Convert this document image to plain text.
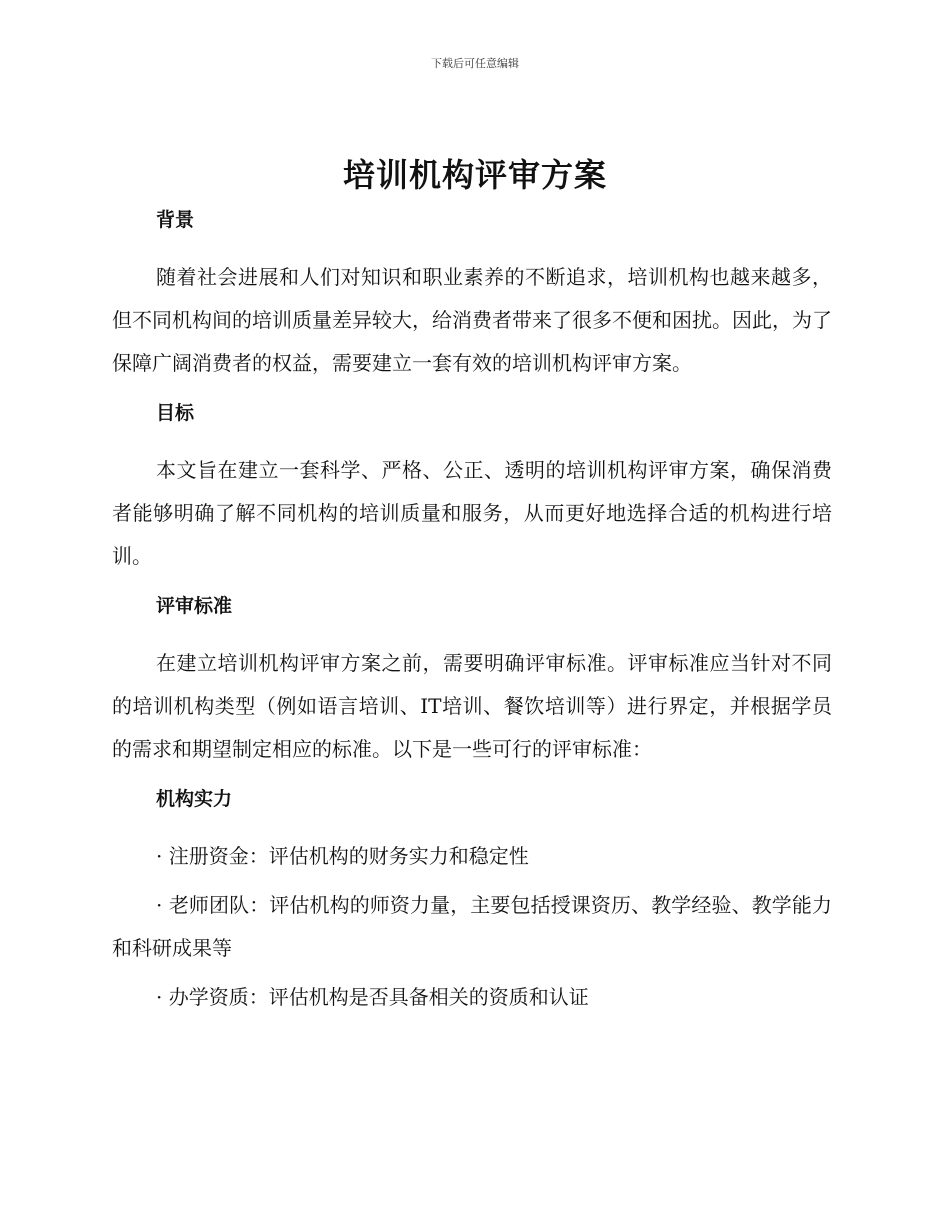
下载后可任意编辑
培训机构评审方案
背景

随着社会进展和人们对知识和职业素养的不断追求，培训机构也越来越多，但不同机构间的培训质量差异较大，给消费者带来了很多不便和困扰。因此，为了保障广阔消费者的权益，需要建立一套有效的培训机构评审方案。

目标

本文旨在建立一套科学、严格、公正、透明的培训机构评审方案，确保消费者能够明确了解不同机构的培训质量和服务，从而更好地选择合适的机构进行培训。

评审标准

在建立培训机构评审方案之前，需要明确评审标准。评审标准应当针对不同的培训机构类型（例如语言培训、IT培训、餐饮培训等）进行界定，并根据学员的需求和期望制定相应的标准。以下是一些可行的评审标准：

机构实力

· 注册资金：评估机构的财务实力和稳定性

· 老师团队：评估机构的师资力量，主要包括授课资历、教学经验、教学能力和科研成果等

· 办学资质：评估机构是否具备相关的资质和认证
